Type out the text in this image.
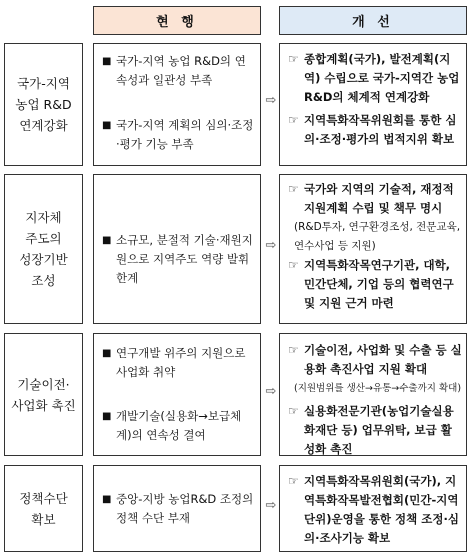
현 행	개 선
국가-지역
농업 R&D
연계강화
■ 국가-지역 농업 R&D의 연속성과 일관성 부족
■ 국가-지역 계획의 심의·조정·평가 기능 부족
⇨
☞ 종합계획(국가), 발전계획(지역) 수립으로 국가-지역간 농업 R&D의 체계적 연계강화
☞ 지역특화작목위원회를 통한 심의·조정·평가의 법적지위 확보
지자체
주도의
성장기반
조성
■ 소규모, 분절적 기술·재원지원으로 지역주도 역량 발휘 한계
⇨
☞ 국가와 지역의 기술적, 재정적 지원계획 수립 및 책무 명시
(R&D투자, 연구환경조성, 전문교육, 연수사업 등 지원)
☞ 지역특화작목연구기관, 대학, 민간단체, 기업 등의 협력연구 및 지원 근거 마련
기술이전·
사업화 촉진
■ 연구개발 위주의 지원으로 사업화 취약
■ 개발기술(실용화→보급체계)의 연속성 결여
⇨
☞ 기술이전, 사업화 및 수출 등 실용화 촉진사업 지원 확대
(지원범위를 생산→유통→수출까지 확대)
☞ 실용화전문기관(농업기술실용화재단 등) 업무위탁, 보급 활성화 촉진
정책수단
확보
■ 중앙-지방 농업R&D 조정의 정책 수단 부재
⇨
☞ 지역특화작목위원회(국가), 지역특화작목발전협회(민간-지역단위)운영을 통한 정책 조정·심의·조사기능 확보
